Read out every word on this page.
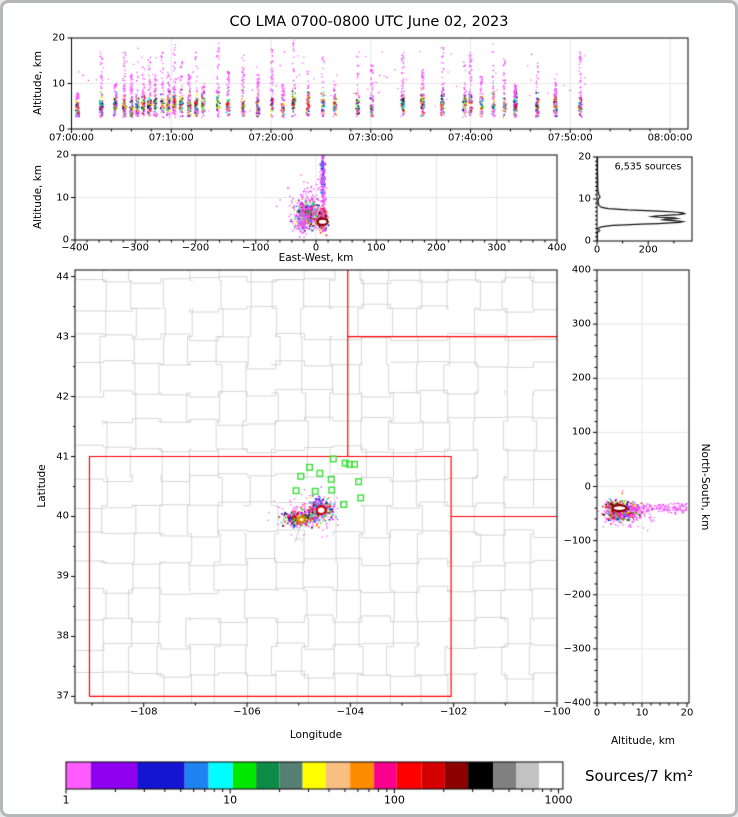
CO LMA 0700-0800 UTC June 02, 2023
Altitude, km
Altitude, km
East-West, km
6,535 sources
Latitude
Longitude
North-South, km
Altitude, km
Sources/7 km²
07:00:00	07:10:00	07:20:00	07:30:00	07:40:00	07:50:00	08:00:00
0
10
20
−400	−300	−200	−100	0	100	200	300	400
0
10
20
0	200
0
10
20
−108	−106	−104	−102	−100
37
38
39
40
41
42
43
44
0	10	20
400
300
200
100
0
−100
−200
−300
−400
1	10	100	1000
